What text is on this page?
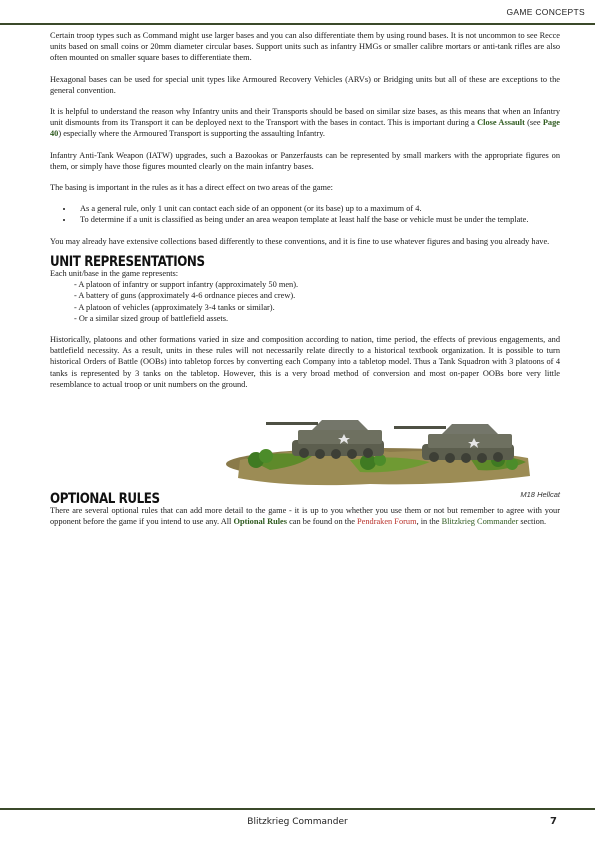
GAME CONCEPTS

Certain troop types such as Command might use larger bases and you can also differentiate them by using round bases. It is not uncommon to see Recce units based on small coins or 20mm diameter circular bases. Support units such as infantry HMGs or smaller calibre mortars or anti-tank rifles are also often mounted on smaller square bases to differentiate them.

Hexagonal bases can be used for special unit types like Armoured Recovery Vehicles (ARVs) or Bridging units but all of these are exceptions to the general convention.

It is helpful to understand the reason why Infantry units and their Transports should be based on similar size bases, as this means that when an Infantry unit dismounts from its Transport it can be deployed next to the Transport with the bases in contact. This is important during a Close Assault (see Page 40) especially where the Armoured Transport is supporting the assaulting Infantry.

Infantry Anti-Tank Weapon (IATW) upgrades, such a Bazookas or Panzerfausts can be represented by small markers with the appropriate figures on them, or simply have those figures mounted clearly on the main infantry bases.

The basing is important in the rules as it has a direct effect on two areas of the game:

• As a general rule, only 1 unit can contact each side of an opponent (or its base) up to a maximum of 4.
• To determine if a unit is classified as being under an area weapon template at least half the base or vehicle must be under the template.

You may already have extensive collections based differently to these conventions, and it is fine to use whatever figures and basing you already have.

UNIT REPRESENTATIONS
Each unit/base in the game represents:
- A platoon of infantry or support infantry (approximately 50 men).
- A battery of guns (approximately 4-6 ordnance pieces and crew).
- A platoon of vehicles (approximately 3-4 tanks or similar).
- Or a similar sized group of battlefield assets.

Historically, platoons and other formations varied in size and composition according to nation, time period, the effects of previous engagements, and battlefield necessity. As a result, units in these rules will not necessarily relate directly to a historical textbook organization. It is possible to turn historical Orders of Battle (OOBs) into tabletop forces by converting each Company into a tabletop model. Thus a Tank Squadron with 3 platoons of 4 tanks is represented by 3 tanks on the tabletop. However, this is a very broad method of conversion and most on-paper OOBs bore very little resemblance to actual troop or unit numbers on the ground.

M18 Hellcat
OPTIONAL RULES

There are several optional rules that can add more detail to the game - it is up to you whether you use them or not but remember to agree with your opponent before the game if you intend to use any. All Optional Rules can be found on the Pendraken Forum, in the Blitzkrieg Commander section.

Blitzkrieg Commander	7
